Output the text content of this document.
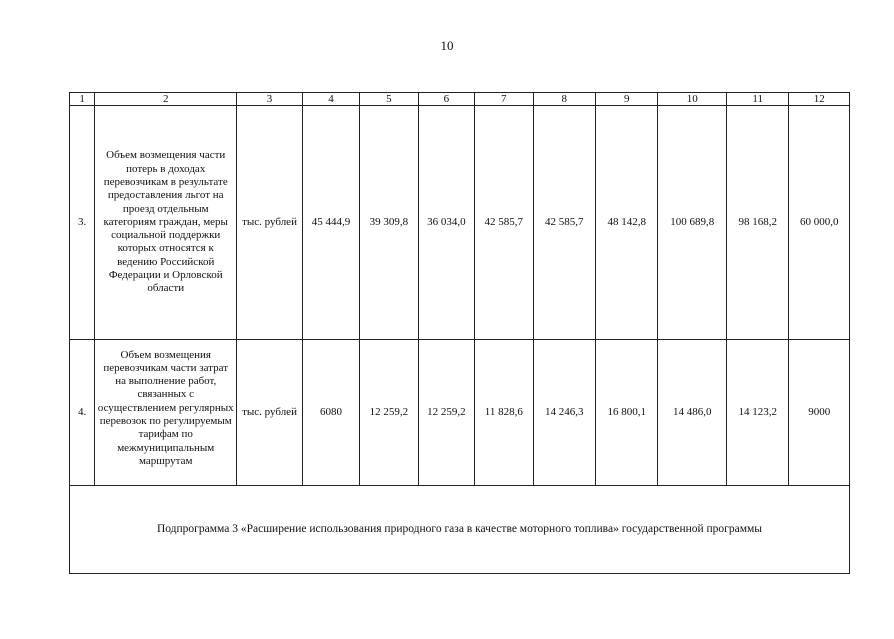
10
1	2	3	4	5	6	7	8	9	10	11	12
3.	Объем возмещения части потерь в доходах перевозчикам в результате предоставления льгот на проезд отдельным категориям граждан, меры социальной поддержки которых относятся к ведению Российской Федерации и Орловской области	тыс. рублей	45 444,9	39 309,8	36 034,0	42 585,7	42 585,7	48 142,8	100 689,8	98 168,2	60 000,0
4.	Объем возмещения перевозчикам части затрат на выполнение работ, связанных с осуществлением регулярных перевозок по регулируемым тарифам по межмуниципальным маршрутам	тыс. рублей	6080	12 259,2	12 259,2	11 828,6	14 246,3	16 800,1	14 486,0	14 123,2	9000
Подпрограмма 3 «Расширение использования природного газа в качестве моторного топлива» государственной программы											
